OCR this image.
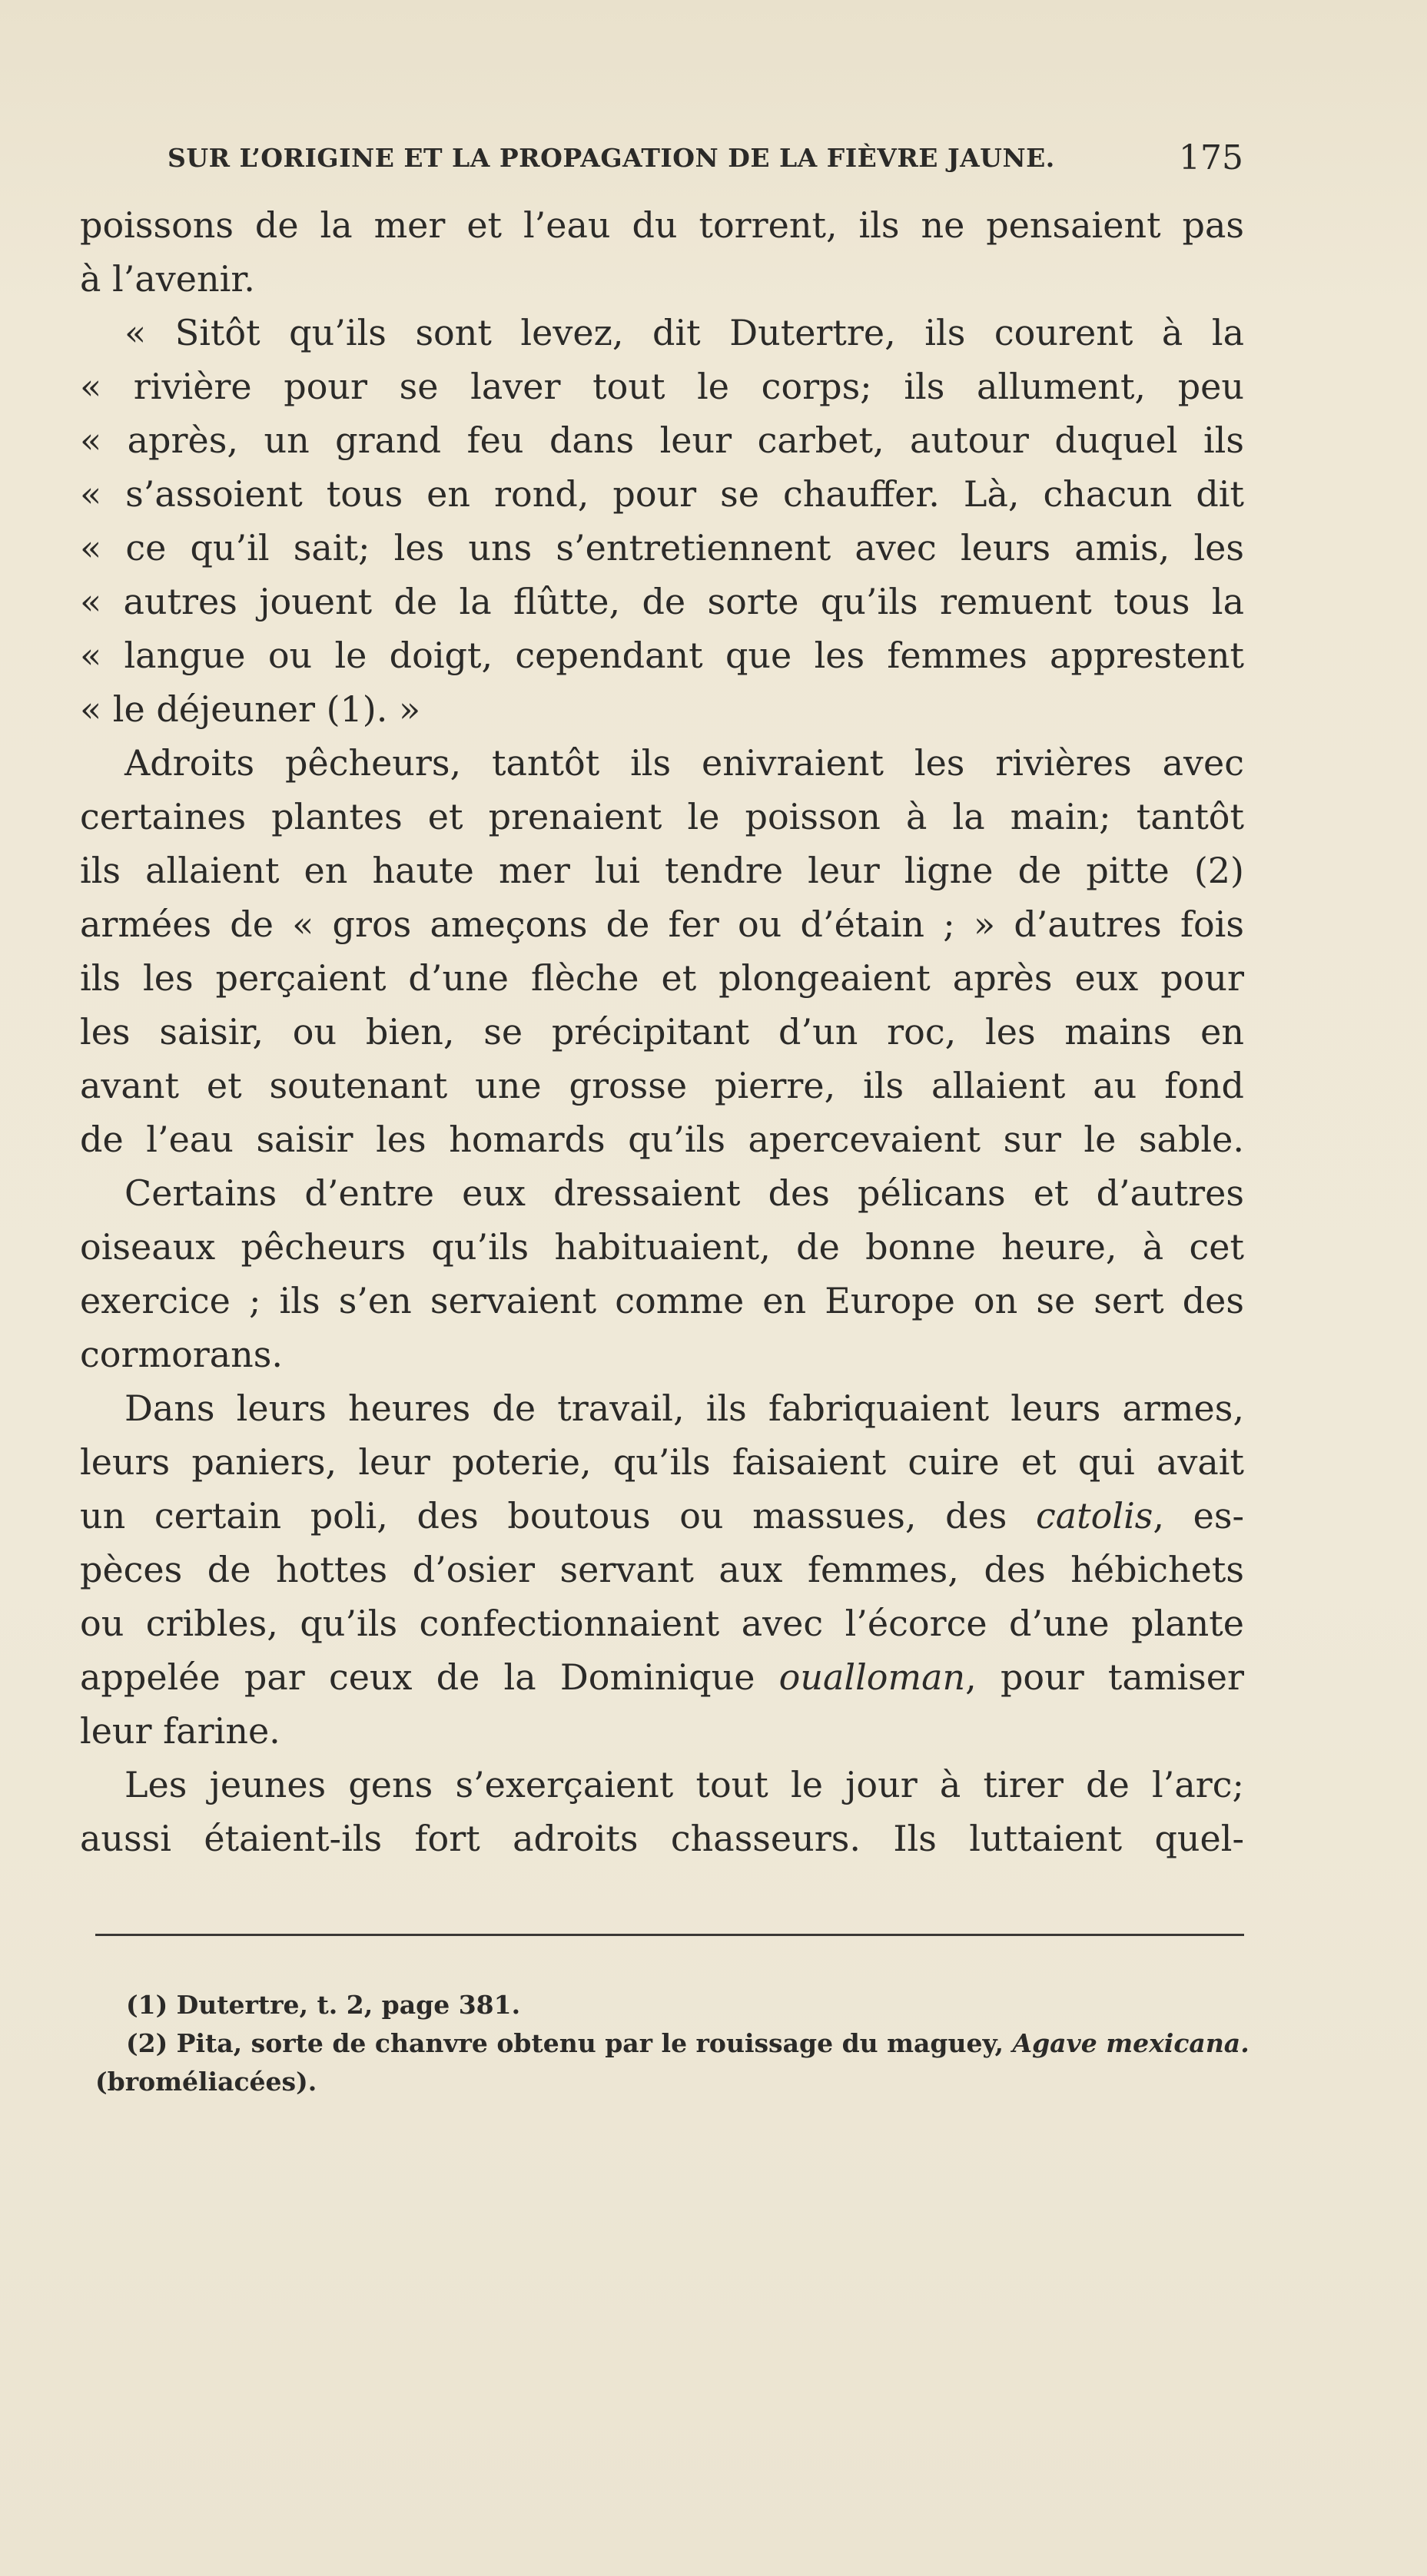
SUR L’ORIGINE ET LA PROPAGATION DE LA FIÈVRE JAUNE.	175
poissons de la mer et l’eau du torrent, ils ne pensaient pas
à l’avenir.
« Sitôt qu’ils sont levez, dit Dutertre, ils courent à la
« rivière pour se laver tout le corps; ils allument, peu
« après, un grand feu dans leur carbet, autour duquel ils
« s’assoient tous en rond, pour se chauffer. Là, chacun dit
« ce qu’il sait; les uns s’entretiennent avec leurs amis, les
« autres jouent de la flûtte, de sorte qu’ils remuent tous la
« langue ou le doigt, cependant que les femmes apprestent
« le déjeuner (1). »
Adroits pêcheurs, tantôt ils enivraient les rivières avec
certaines plantes et prenaient le poisson à la main; tantôt
ils allaient en haute mer lui tendre leur ligne de pitte (2)
armées de « gros ameçons de fer ou d’étain ; » d’autres fois
ils les perçaient d’une flèche et plongeaient après eux pour
les saisir, ou bien, se précipitant d’un roc, les mains en
avant et soutenant une grosse pierre, ils allaient au fond
de l’eau saisir les homards qu’ils apercevaient sur le sable.
Certains d’entre eux dressaient des pélicans et d’autres
oiseaux pêcheurs qu’ils habituaient, de bonne heure, à cet
exercice ; ils s’en servaient comme en Europe on se sert des
cormorans.
Dans leurs heures de travail, ils fabriquaient leurs armes,
leurs paniers, leur poterie, qu’ils faisaient cuire et qui avait
un certain poli, des boutous ou massues, des catolis, es-
pèces de hottes d’osier servant aux femmes, des hébichets
ou cribles, qu’ils confectionnaient avec l’écorce d’une plante
appelée par ceux de la Dominique oualloman, pour tamiser
leur farine.
Les jeunes gens s’exerçaient tout le jour à tirer de l’arc;
aussi étaient-ils fort adroits chasseurs. Ils luttaient quel-
(1) Dutertre, t. 2, page 381.
(2) Pita, sorte de chanvre obtenu par le rouissage du maguey, Agave mexicana.
(broméliacées).
